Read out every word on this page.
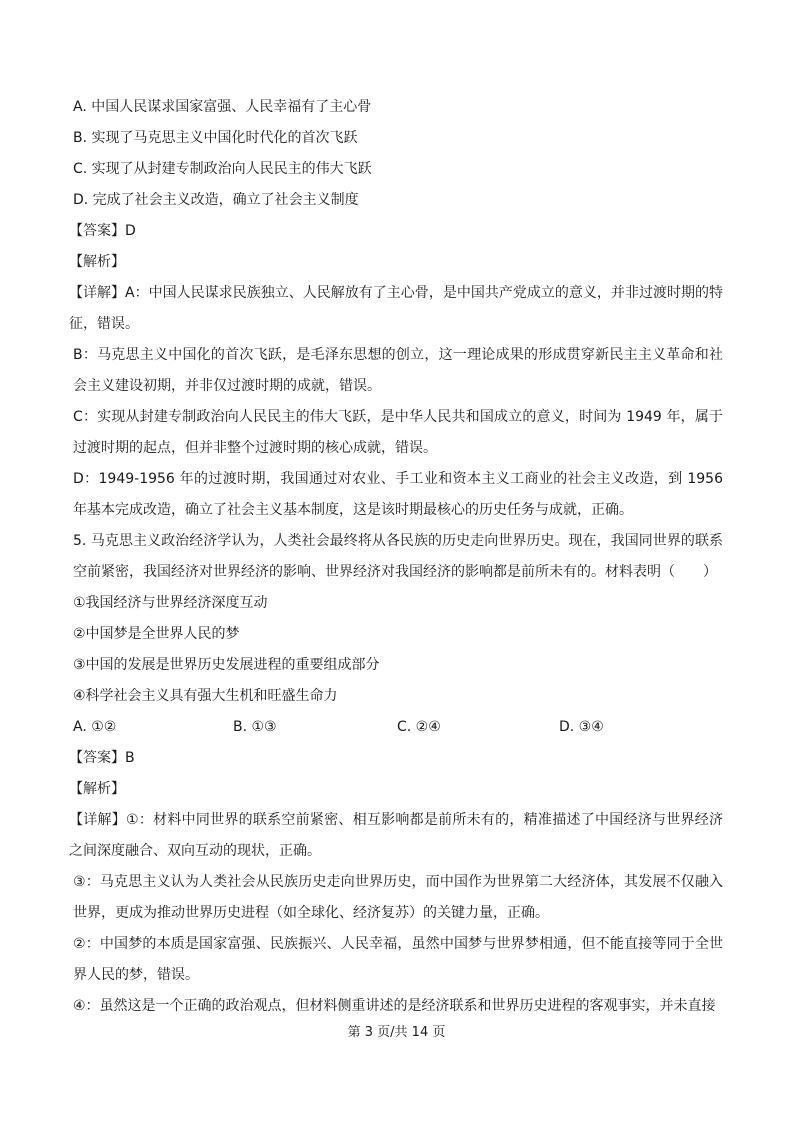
A. 中国人民谋求国家富强、人民幸福有了主心骨
B. 实现了马克思主义中国化时代化的首次飞跃
C. 实现了从封建专制政治向人民民主的伟大飞跃
D. 完成了社会主义改造，确立了社会主义制度
【答案】D
【解析】
【详解】A：中国人民谋求民族独立、人民解放有了主心骨，是中国共产党成立的意义，并非过渡时期的特征，错误。
B：马克思主义中国化的首次飞跃，是毛泽东思想的创立，这一理论成果的形成贯穿新民主主义革命和社会主义建设初期，并非仅过渡时期的成就，错误。
C：实现从封建专制政治向人民民主的伟大飞跃，是中华人民共和国成立的意义，时间为 1949 年，属于过渡时期的起点，但并非整个过渡时期的核心成就，错误。
D：1949-1956 年的过渡时期，我国通过对农业、手工业和资本主义工商业的社会主义改造，到 1956 年基本完成改造，确立了社会主义基本制度，这是该时期最核心的历史任务与成就，正确。
5. 马克思主义政治经济学认为，人类社会最终将从各民族的历史走向世界历史。现在，我国同世界的联系空前紧密，我国经济对世界经济的影响、世界经济对我国经济的影响都是前所未有的。材料表明（　　）
①我国经济与世界经济深度互动
②中国梦是全世界人民的梦
③中国的发展是世界历史发展进程的重要组成部分
④科学社会主义具有强大生机和旺盛生命力
A. ①②	B. ①③	C. ②④	D. ③④
【答案】B
【解析】
【详解】①：材料中同世界的联系空前紧密、相互影响都是前所未有的，精准描述了中国经济与世界经济之间深度融合、双向互动的现状，正确。
③：马克思主义认为人类社会从民族历史走向世界历史，而中国作为世界第二大经济体，其发展不仅融入世界，更成为推动世界历史进程（如全球化、经济复苏）的关键力量，正确。
②：中国梦的本质是国家富强、民族振兴、人民幸福，虽然中国梦与世界梦相通，但不能直接等同于全世界人民的梦，错误。
④：虽然这是一个正确的政治观点，但材料侧重讲述的是经济联系和世界历史进程的客观事实，并未直接
第 3 页/共 14 页
